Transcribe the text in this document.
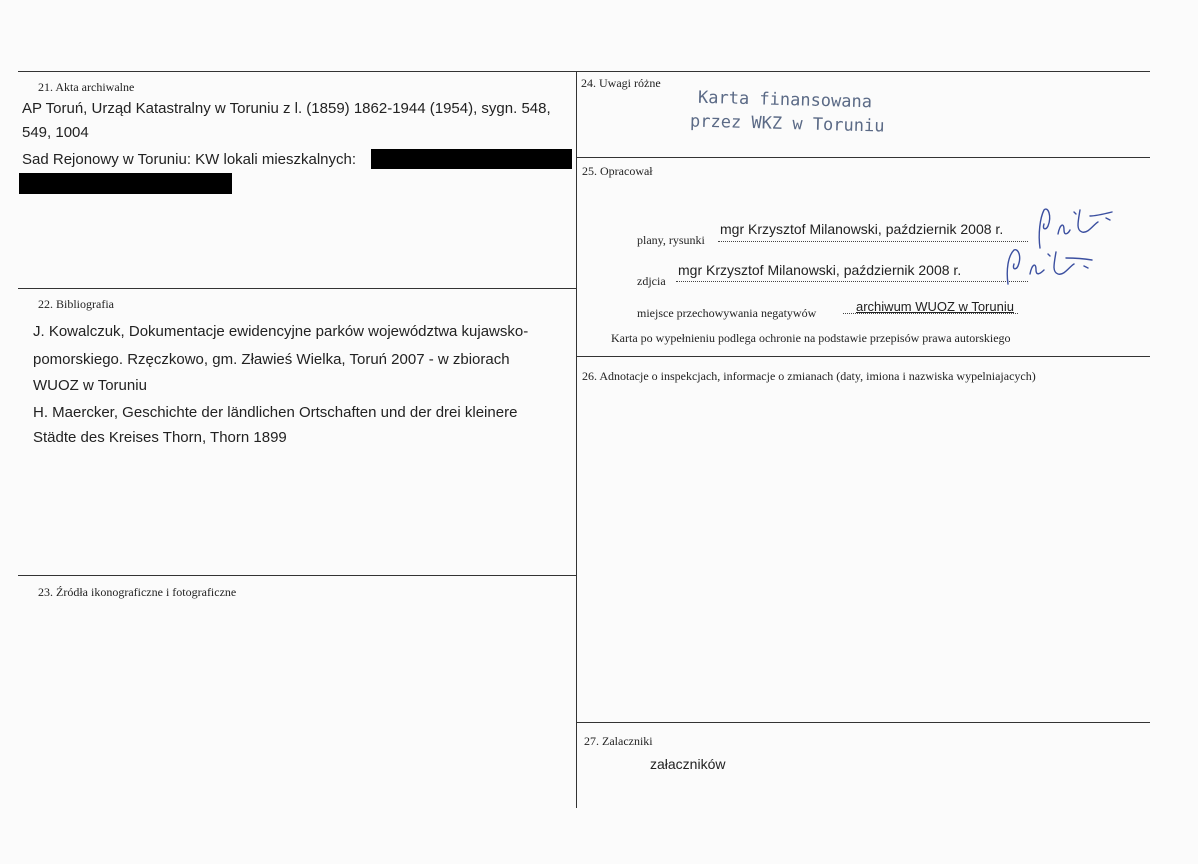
21. Akta archiwalne
AP Toruń, Urząd Katastralny w Toruniu z l. (1859) 1862-1944 (1954), sygn. 548,
549, 1004
Sad Rejonowy w Toruniu: KW lokali mieszkalnych:
22. Bibliografia
J. Kowalczuk, Dokumentacje ewidencyjne parków województwa kujawsko-
pomorskiego. Rzęczkowo, gm. Zławieś Wielka, Toruń 2007 - w zbiorach
WUOZ w Toruniu
H. Maercker, Geschichte der ländlichen Ortschaften und der drei kleinere
Städte des Kreises Thorn, Thorn 1899
23. Źródła ikonograficzne i fotograficzne
24. Uwagi różne
Karta finansowana
przez WKZ w Toruniu
25. Opracował
plany, rysunki
mgr Krzysztof Milanowski, październik 2008 r.
zdjcia
mgr Krzysztof Milanowski, październik 2008 r.
miejsce przechowywania negatywów	archiwum WUOZ w Toruniu
Karta po wypełnieniu podlega ochronie na podstawie przepisów prawa autorskiego
26. Adnotacje o inspekcjach, informacje o zmianach (daty, imiona i nazwiska wypelniajacych)
27. Zalaczniki
załaczników
